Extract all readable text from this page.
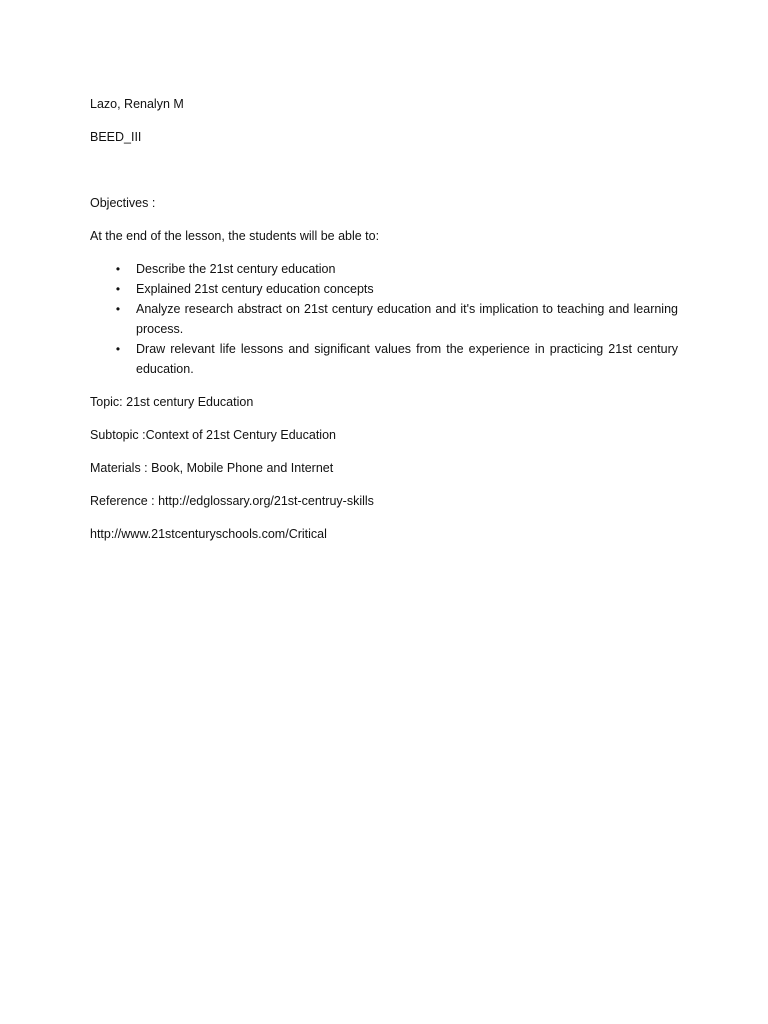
Lazo, Renalyn M

BEED_III

Objectives :

At the end of the lesson, the students will be able to:

• Describe the 21st century education
• Explained 21st century education concepts
• Analyze research abstract on 21st century education and it's implication to teaching and learning process.
• Draw relevant life lessons and significant values from the experience in practicing 21st century education.

Topic: 21st century Education

Subtopic :Context of 21st Century Education

Materials : Book, Mobile Phone and Internet

Reference : http://edglossary.org/21st-centruy-skills

http://www.21stcenturyschools.com/Critical
